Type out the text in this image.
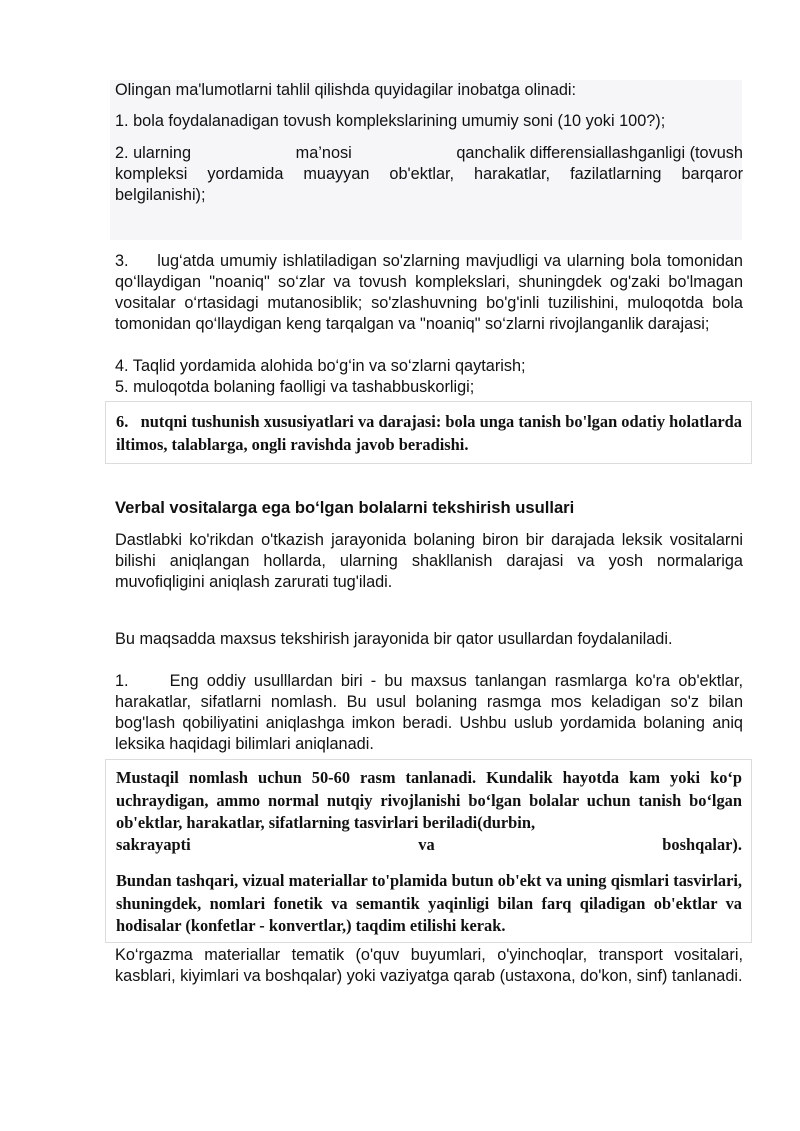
Olingan ma'lumotlarni tahlil qilishda quyidagilar inobatga olinadi:

1. bola foydalanadigan tovush komplekslarining umumiy soni (10 yoki 100?);

2. ularning	ma’nosi	qanchalik differensiallashganligi (tovush

kompleksi yordamida muayyan ob'ektlar, harakatlar, fazilatlarning barqaror belgilanishi);

3.     lug‘atda umumiy ishlatiladigan so'zlarning mavjudligi va ularning bola tomonidan qo‘llaydigan "noaniq" so‘zlar va tovush komplekslari, shuningdek og'zaki bo'lmagan vositalar o‘rtasidagi mutanosiblik; so'zlashuvning bo'g'inli tuzilishini, muloqotda bola tomonidan qo‘llaydigan keng tarqalgan va "noaniq" so‘zlarni rivojlanganlik darajasi;

4. Taqlid yordamida alohida bo‘g‘in va so‘zlarni qaytarish;

5. muloqotda bolaning faolligi va tashabbuskorligi;

6.   nutqni tushunish xususiyatlari va darajasi: bola unga tanish bo'lgan odatiy holatlarda iltimos, talablarga, ongli ravishda javob beradishi.

Verbal vositalarga ega bo‘lgan bolalarni tekshirish usullari

Dastlabki ko'rikdan o'tkazish jarayonida bolaning biron bir darajada leksik vositalarni bilishi aniqlangan hollarda, ularning shakllanish darajasi va yosh normalariga muvofiqligini aniqlash zarurati tug'iladi.

Bu maqsadda maxsus tekshirish jarayonida bir qator usullardan foydalaniladi.

1.     Eng oddiy usulllardan biri - bu maxsus tanlangan rasmlarga ko'ra ob'ektlar, harakatlar, sifatlarni nomlash. Bu usul bolaning rasmga mos keladigan so'z bilan bog'lash qobiliyatini aniqlashga imkon beradi. Ushbu uslub yordamida bolaning aniq leksika haqidagi bilimlari aniqlanadi.

Mustaqil nomlash uchun 50-60 rasm tanlanadi. Kundalik hayotda kam yoki ko‘p uchraydigan, ammo normal nutqiy rivojlanishi bo‘lgan bolalar uchun tanish bo‘lgan ob'ektlar, harakatlar, sifatlarning tasvirlari beriladi(durbin,

sakrayapti	va	boshqalar).

Bundan tashqari, vizual materiallar to'plamida butun ob'ekt va uning qismlari tasvirlari, shuningdek, nomlari fonetik va semantik yaqinligi bilan farq qiladigan ob'ektlar va hodisalar (konfetlar - konvertlar,) taqdim etilishi kerak.

Ko‘rgazma materiallar tematik (o'quv buyumlari, o'yinchoqlar, transport vositalari, kasblari, kiyimlari va boshqalar) yoki vaziyatga qarab (ustaxona, do'kon, sinf) tanlanadi.
